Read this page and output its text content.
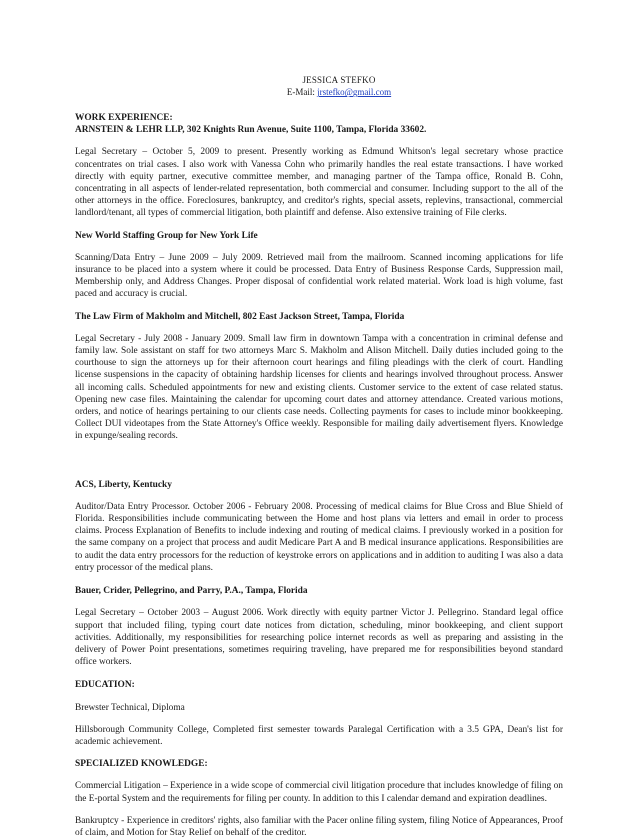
JESSICA STEFKO
E-Mail: jrstefko@gmail.com
WORK EXPERIENCE:
ARNSTEIN & LEHR LLP, 302 Knights Run Avenue, Suite 1100, Tampa, Florida 33602.

Legal Secretary – October 5, 2009 to present. Presently working as Edmund Whitson's legal secretary whose practice concentrates on trial cases. I also work with Vanessa Cohn who primarily handles the real estate transactions. I have worked directly with equity partner, executive committee member, and managing partner of the Tampa office, Ronald B. Cohn, concentrating in all aspects of lender-related representation, both commercial and consumer. Including support to the all of the other attorneys in the office. Foreclosures, bankruptcy, and creditor's rights, special assets, replevins, transactional, commercial landlord/tenant, all types of commercial litigation, both plaintiff and defense. Also extensive training of File clerks.

New World Staffing Group for New York Life

Scanning/Data Entry – June 2009 – July 2009. Retrieved mail from the mailroom. Scanned incoming applications for life insurance to be placed into a system where it could be processed. Data Entry of Business Response Cards, Suppression mail, Membership only, and Address Changes. Proper disposal of confidential work related material. Work load is high volume, fast paced and accuracy is crucial.

The Law Firm of Makholm and Mitchell, 802 East Jackson Street, Tampa, Florida

Legal Secretary - July 2008 - January 2009. Small law firm in downtown Tampa with a concentration in criminal defense and family law. Sole assistant on staff for two attorneys Marc S. Makholm and Alison Mitchell. Daily duties included going to the courthouse to sign the attorneys up for their afternoon court hearings and filing pleadings with the clerk of court. Handling license suspensions in the capacity of obtaining hardship licenses for clients and hearings involved throughout process. Answer all incoming calls. Scheduled appointments for new and existing clients. Customer service to the extent of case related status. Opening new case files. Maintaining the calendar for upcoming court dates and attorney attendance. Created various motions, orders, and notice of hearings pertaining to our clients case needs. Collecting payments for cases to include minor bookkeeping. Collect DUI videotapes from the State Attorney's Office weekly. Responsible for mailing daily advertisement flyers. Knowledge in expunge/sealing records.

ACS, Liberty, Kentucky

Auditor/Data Entry Processor. October 2006 - February 2008. Processing of medical claims for Blue Cross and Blue Shield of Florida. Responsibilities include communicating between the Home and host plans via letters and email in order to process claims. Process Explanation of Benefits to include indexing and routing of medical claims. I previously worked in a position for the same company on a project that process and audit Medicare Part A and B medical insurance applications. Responsibilities are to audit the data entry processors for the reduction of keystroke errors on applications and in addition to auditing I was also a data entry processor of the medical plans.

Bauer, Crider, Pellegrino, and Parry, P.A., Tampa, Florida

Legal Secretary – October 2003 – August 2006. Work directly with equity partner Victor J. Pellegrino. Standard legal office support that included filing, typing court date notices from dictation, scheduling, minor bookkeeping, and client support activities. Additionally, my responsibilities for researching police internet records as well as preparing and assisting in the delivery of Power Point presentations, sometimes requiring traveling, have prepared me for responsibilities beyond standard office workers.

EDUCATION:

Brewster Technical, Diploma

Hillsborough Community College, Completed first semester towards Paralegal Certification with a 3.5 GPA, Dean's list for academic achievement.

SPECIALIZED KNOWLEDGE:

Commercial Litigation – Experience in a wide scope of commercial civil litigation procedure that includes knowledge of filing on the E-portal System and the requirements for filing per county. In addition to this I calendar demand and expiration deadlines.

Bankruptcy - Experience in creditors' rights, also familiar with the Pacer online filing system, filing Notice of Appearances, Proof of claim, and Motion for Stay Relief on behalf of the creditor.
